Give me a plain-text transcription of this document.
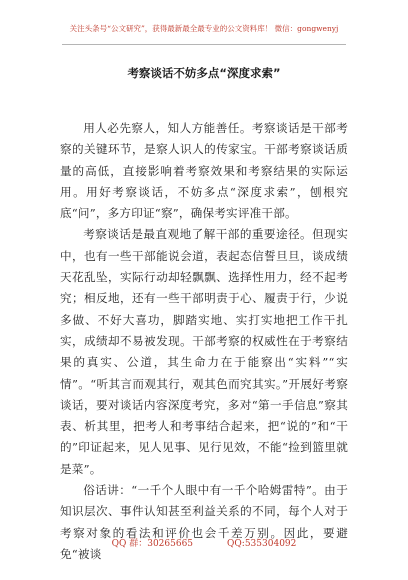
关注头条号“公文研究”，获得最新最全最专业的公文资料库！ 微信：gongwenyj
考察谈话不妨多点“深度求索”

用人必先察人，知人方能善任。考察谈话是干部考察的关键环节，是察人识人的传家宝。干部考察谈话质量的高低，直接影响着考察效果和考察结果的实际运用。用好考察谈话，不妨多点“深度求索”，刨根究底“问”，多方印证“察”，确保考实评准干部。

考察谈话是最直观地了解干部的重要途径。但现实中，也有一些干部能说会道，表起态信誓旦旦，谈成绩天花乱坠，实际行动却轻飘飘、选择性用力，经不起考究；相反地，还有一些干部明责于心、履责于行，少说多做、不好大喜功，脚踏实地、实打实地把工作干扎实，成绩却不易被发现。干部考察的权威性在于考察结果的真实、公道，其生命力在于能察出“实料”“实情”。“听其言而观其行，观其色而究其实。”开展好考察谈话，要对谈话内容深度考究，多对“第一手信息”察其表、析其里，把考人和考事结合起来，把“说的”和“干的”印证起来，见人见事、见行见效，不能“捡到篮里就是菜”。

俗话讲：“一千个人眼中有一千个哈姆雷特”。由于知识层次、事件认知甚至利益关系的不同，每个人对于考察对象的看法和评价也会千差万别。因此，要避免“被谈

QQ 群：30265665	QQ:535304092
